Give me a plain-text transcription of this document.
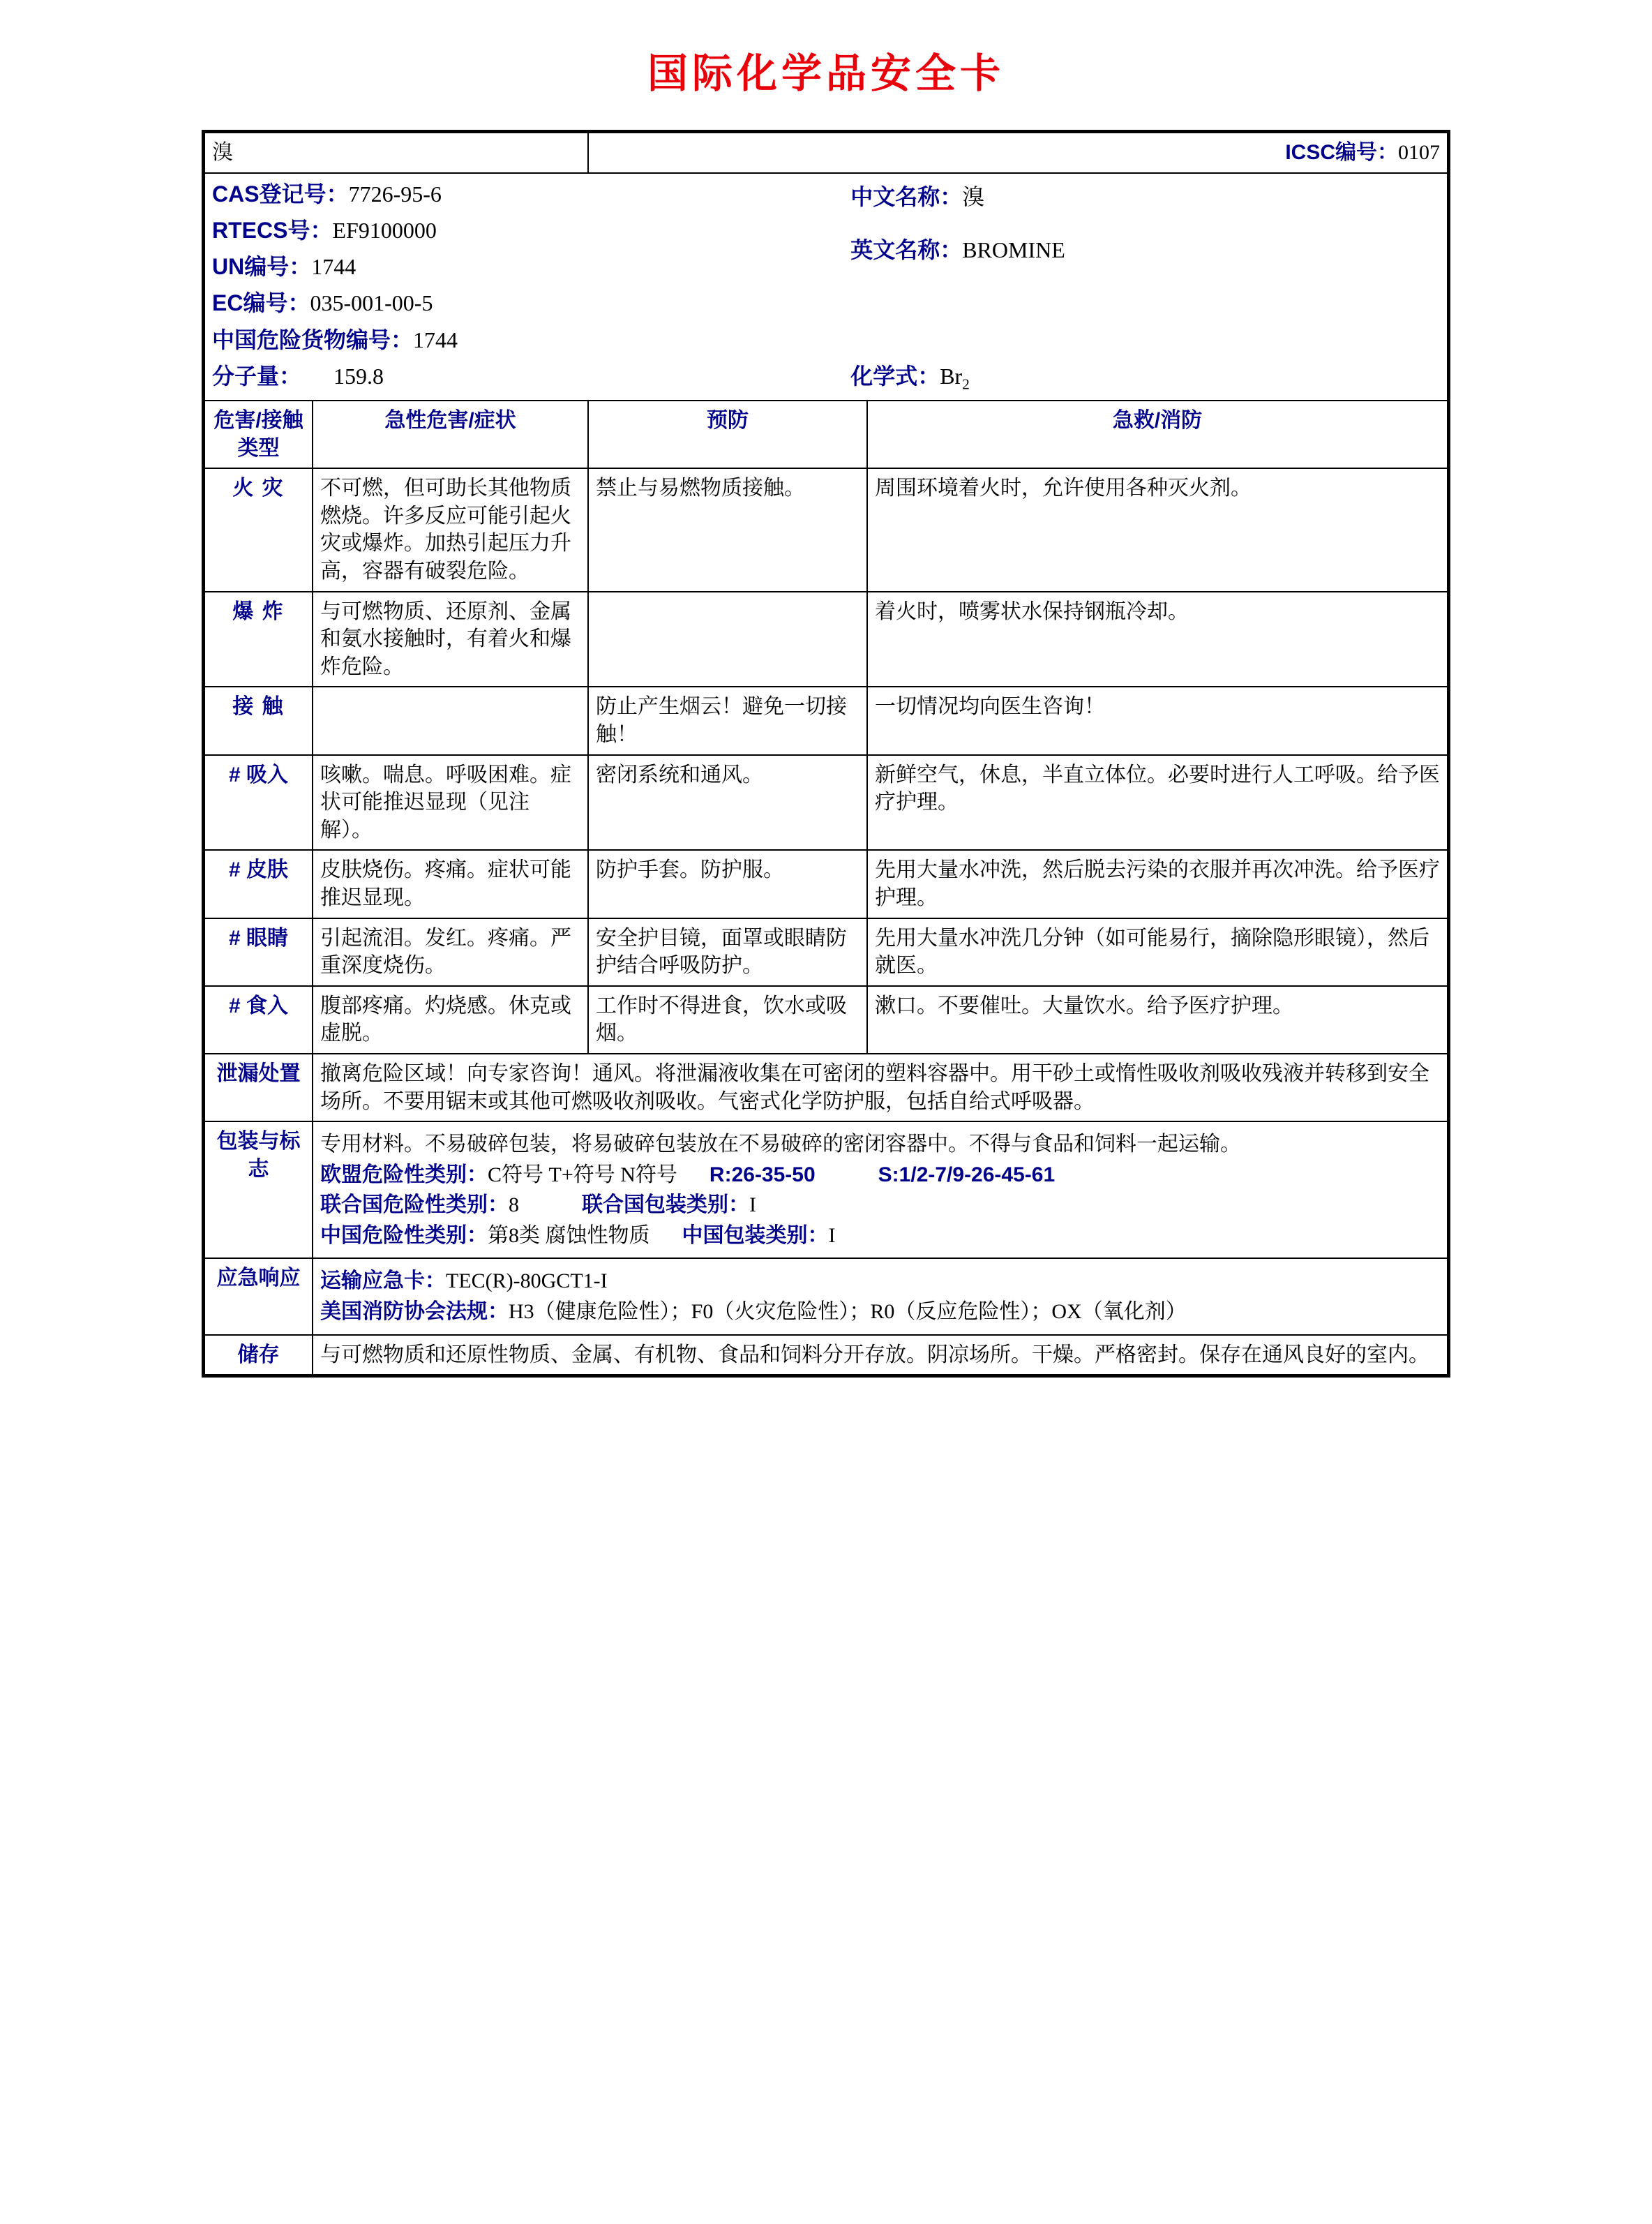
国际化学品安全卡
溴		ICSC编号：0107	

CAS登记号：7726-95-6

RTECS号：EF9100000

UN编号：1744

EC编号：035-001-00-5

中国危险货物编号：1744

中文名称：溴

英文名称：BROMINE

分子量： 159.8	化学式：$Br_2$

危害/接触
类型	急性危害/症状	预防	急救/消防
火 灾	不可燃，但可助长其他物质燃烧。许多反应可能引起火灾或爆炸。加热引起压力升高，容器有破裂危险。	禁止与易燃物质接触。	周围环境着火时，允许使用各种灭火剂。
爆 炸	与可燃物质、还原剂、金属和氨水接触时，有着火和爆炸危险。		着火时，喷雾状水保持钢瓶冷却。
接 触		防止产生烟云！避免一切接触！	一切情况均向医生咨询！
# 吸入	咳嗽。喘息。呼吸困难。症状可能推迟显现（见注解）。	密闭系统和通风。	新鲜空气，休息，半直立体位。必要时进行人工呼吸。给予医疗护理。
# 皮肤	皮肤烧伤。疼痛。症状可能推迟显现。	防护手套。防护服。	先用大量水冲洗，然后脱去污染的衣服并再次冲洗。给予医疗护理。
# 眼睛	引起流泪。发红。疼痛。严重深度烧伤。	安全护目镜，面罩或眼睛防护结合呼吸防护。	先用大量水冲洗几分钟（如可能易行，摘除隐形眼镜），然后就医。
# 食入	腹部疼痛。灼烧感。休克或虚脱。	工作时不得进食，饮水或吸烟。	漱口。不要催吐。大量饮水。给予医疗护理。
泄漏处置	撤离危险区域！向专家咨询！通风。将泄漏液收集在可密闭的塑料容器中。用干砂土或惰性吸收剂吸收残液并转移到安全场所。不要用锯末或其他可燃吸收剂吸收。气密式化学防护服，包括自给式呼吸器。		
包装与标志	专用材料。不易破碎包装，将易破碎包装放在不易破碎的密闭容器中。不得与食品和饲料一起运输。
欧盟危险性类别：C符号 T+符号 N符号 R:26-35-50 S:1/2-7/9-26-45-61
联合国危险性类别：8 联合国包装类别：I
中国危险性类别：第8类 腐蚀性物质 中国包装类别：I		

应急响应	运输应急卡：TEC(R)-80GCT1-I
美国消防协会法规：H3（健康危险性）；F0（火灾危险性）；R0（反应危险性）；OX（氧化剂）		

储存	与可燃物质和还原性物质、金属、有机物、食品和饲料分开存放。阴凉场所。干燥。严格密封。保存在通风良好的室内。		
